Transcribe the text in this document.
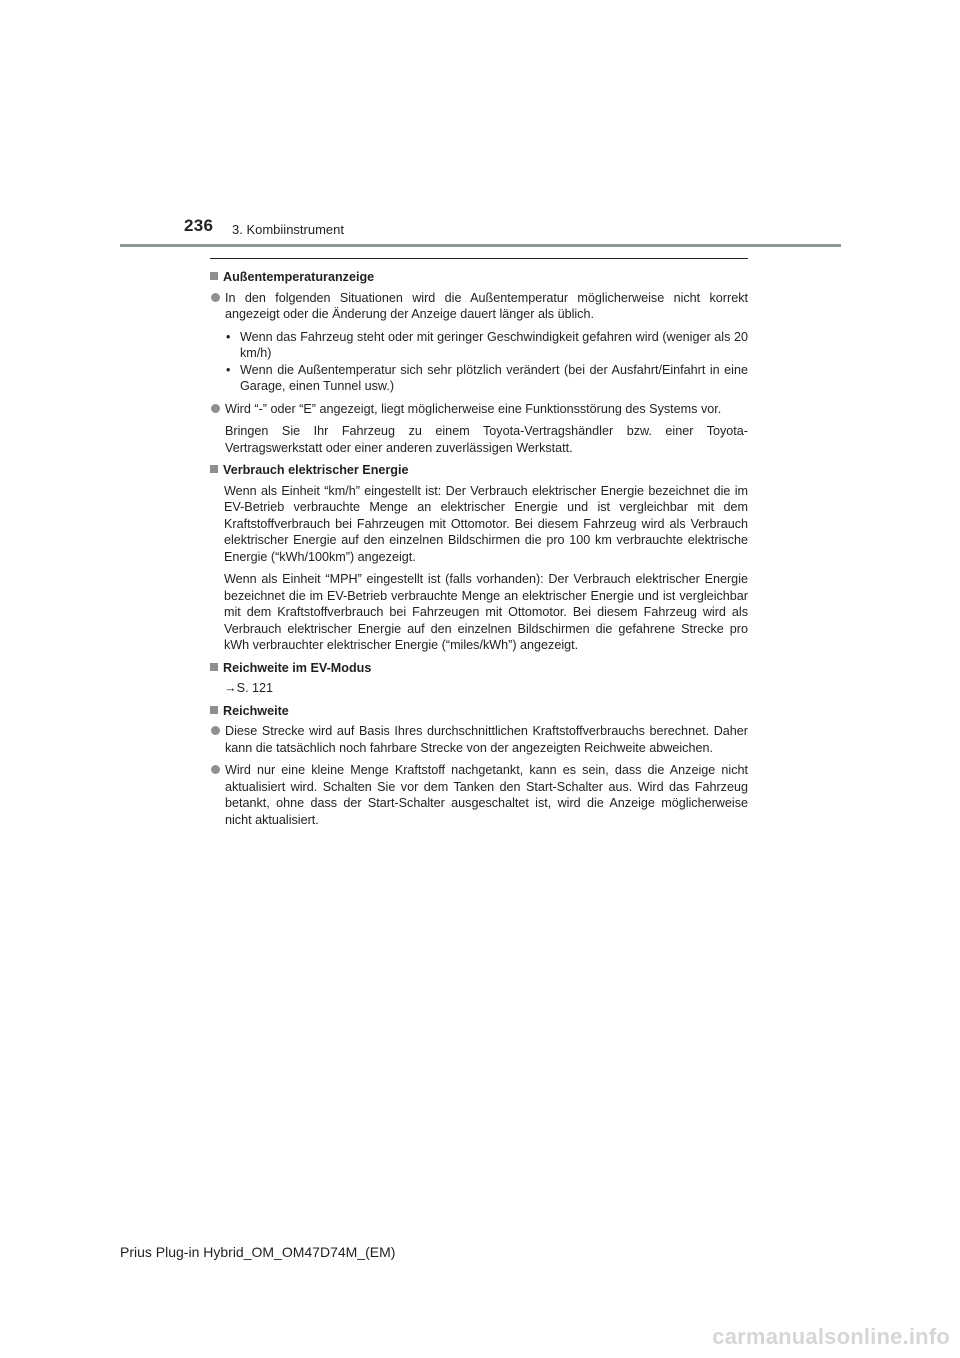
236 3. Kombiinstrument
Außentemperaturanzeige

In den folgenden Situationen wird die Außentemperatur möglicherweise nicht korrekt angezeigt oder die Änderung der Anzeige dauert länger als üblich.

• Wenn das Fahrzeug steht oder mit geringer Geschwindigkeit gefahren wird (weniger als 20 km/h)
• Wenn die Außentemperatur sich sehr plötzlich verändert (bei der Ausfahrt/Einfahrt in eine Garage, einen Tunnel usw.)

Wird “-” oder “E” angezeigt, liegt möglicherweise eine Funktionsstörung des Systems vor.

Bringen Sie Ihr Fahrzeug zu einem Toyota-Vertragshändler bzw. einer Toyota-Vertragswerkstatt oder einer anderen zuverlässigen Werkstatt.

Verbrauch elektrischer Energie

Wenn als Einheit “km/h” eingestellt ist: Der Verbrauch elektrischer Energie bezeichnet die im EV-Betrieb verbrauchte Menge an elektrischer Energie und ist vergleichbar mit dem Kraftstoffverbrauch bei Fahrzeugen mit Ottomotor. Bei diesem Fahrzeug wird als Verbrauch elektrischer Energie auf den einzelnen Bildschirmen die pro 100 km verbrauchte elektrische Energie (“kWh/100km”) angezeigt.

Wenn als Einheit “MPH” eingestellt ist (falls vorhanden): Der Verbrauch elektrischer Energie bezeichnet die im EV-Betrieb verbrauchte Menge an elektrischer Energie und ist vergleichbar mit dem Kraftstoffverbrauch bei Fahrzeugen mit Ottomotor. Bei diesem Fahrzeug wird als Verbrauch elektrischer Energie auf den einzelnen Bildschirmen die gefahrene Strecke pro kWh verbrauchter elektrischer Energie (“miles/kWh”) angezeigt.

Reichweite im EV-Modus

→S. 121

Reichweite

Diese Strecke wird auf Basis Ihres durchschnittlichen Kraftstoffverbrauchs berechnet. Daher kann die tatsächlich noch fahrbare Strecke von der angezeigten Reichweite abweichen.

Wird nur eine kleine Menge Kraftstoff nachgetankt, kann es sein, dass die Anzeige nicht aktualisiert wird. Schalten Sie vor dem Tanken den Start-Schalter aus. Wird das Fahrzeug betankt, ohne dass der Start-Schalter ausgeschaltet ist, wird die Anzeige möglicherweise nicht aktualisiert.

Prius Plug-in Hybrid_OM_OM47D74M_(EM)
carmanualsonline.info
